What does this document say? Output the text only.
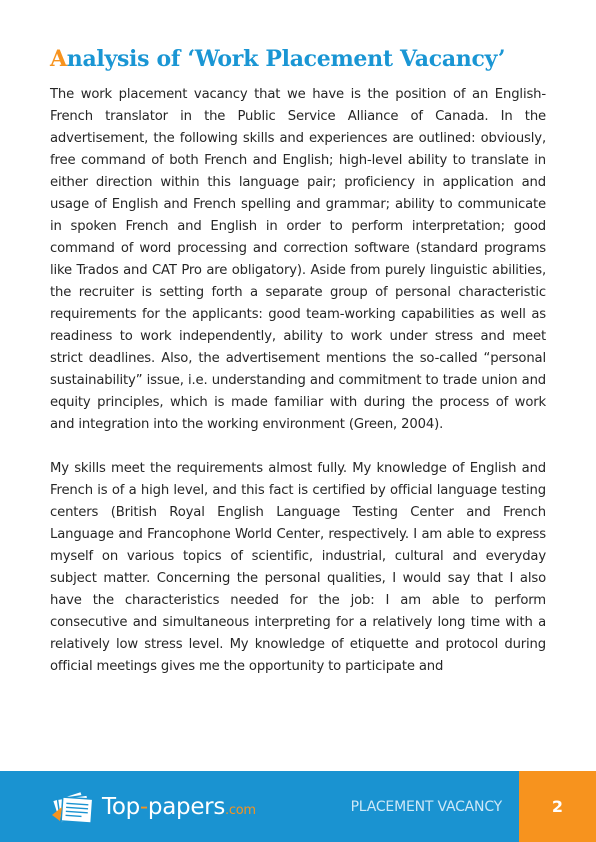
Analysis of ‘Work Placement Vacancy’

The work placement vacancy that we have is the position of an English-French translator in the Public Service Alliance of Canada. In the advertisement, the following skills and experiences are outlined: obviously, free command of both French and English; high-level ability to translate in either direction within this language pair; proficiency in application and usage of English and French spelling and grammar; ability to communicate in spoken French and English in order to perform interpretation; good command of word processing and correction software (standard programs like Trados and CAT Pro are obligatory). Aside from purely linguistic abilities, the recruiter is setting forth a separate group of personal characteristic requirements for the applicants: good team-working capabilities as well as readiness to work independently, ability to work under stress and meet strict deadlines. Also, the advertisement mentions the so-called “personal sustainability” issue, i.e. understanding and commitment to trade union and equity principles, which is made familiar with during the process of work and integration into the working environment (Green, 2004).

My skills meet the requirements almost fully. My knowledge of English and French is of a high level, and this fact is certified by official language testing centers (British Royal English Language Testing Center and French Language and Francophone World Center, respectively. I am able to express myself on various topics of scientific, industrial, cultural and everyday subject matter. Concerning the personal qualities, I would say that I also have the characteristics needed for the job: I am able to perform consecutive and simultaneous interpreting for a relatively long time with a relatively low stress level. My knowledge of etiquette and protocol during official meetings gives me the opportunity to participate and

Top-papers.com	PLACEMENT VACANCY	2
